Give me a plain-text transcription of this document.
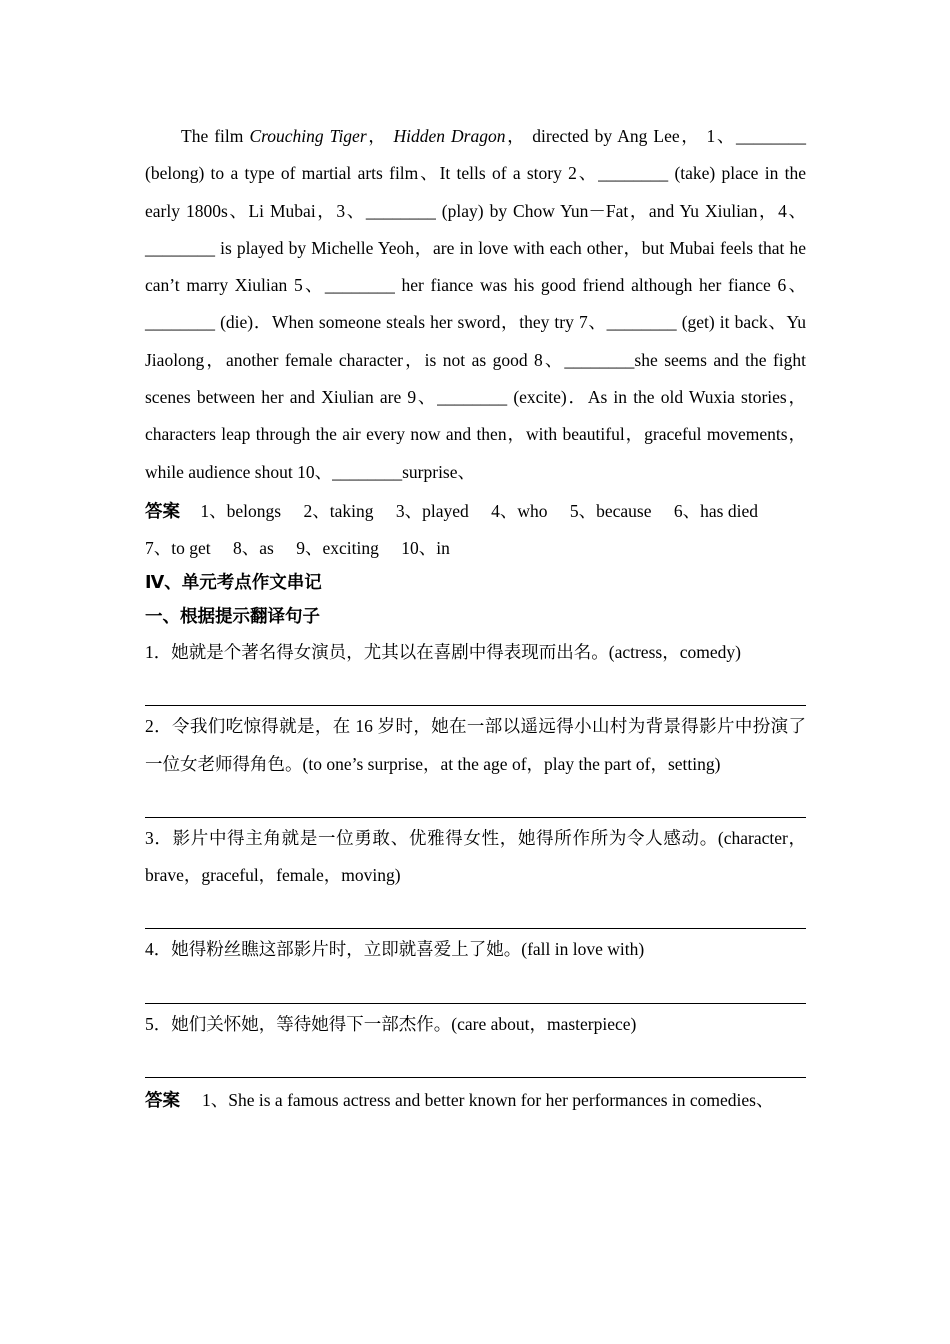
The film Crouching Tiger， Hidden Dragon， directed by Ang Lee， 1、________ (belong) to a type of martial arts film、It tells of a story 2、________ (take) place in the early 1800s、Li Mubai，3、________ (play) by Chow Yun－Fat，and Yu Xiulian，4、________ is played by Michelle Yeoh，are in love with each other，but Mubai feels that he can’t marry Xiulian 5、________ her fiance was his good friend although her fiance 6、________ (die)．When someone steals her sword，they try 7、________ (get) it back、Yu Jiaolong，another female character，is not as good 8、________she seems and the fight scenes between her and Xiulian are 9、________ (excite)．As in the old Wuxia stories，characters leap through the air every now and then，with beautiful，graceful movements，while audience shout 10、________surprise、

答案 1、belongs 2、taking 3、played 4、who 5、because 6、has died

7、to get 8、as 9、exciting 10、in

Ⅳ、单元考点作文串记

一、根据提示翻译句子

1．她就是个著名得女演员，尤其以在喜剧中得表现而出名。(actress，comedy)

2．令我们吃惊得就是，在 16 岁时，她在一部以遥远得小山村为背景得影片中扮演了一位女老师得角色。(to one’s surprise，at the age of，play the part of，setting)

3．影片中得主角就是一位勇敢、优雅得女性，她得所作所为令人感动。(character，brave，graceful，female，moving)

4．她得粉丝瞧这部影片时，立即就喜爱上了她。(fall in love with)

5．她们关怀她，等待她得下一部杰作。(care about，masterpiece)

答案 1、She is a famous actress and better known for her performances in comedies、
